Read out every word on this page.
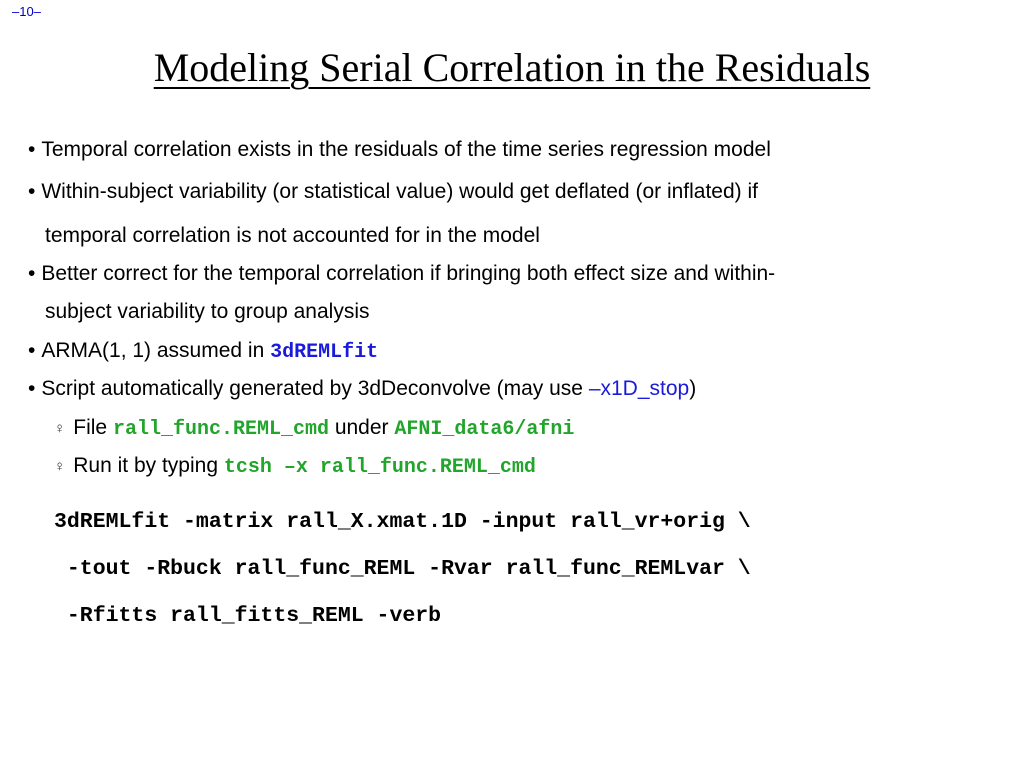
–10–
Modeling Serial Correlation in the Residuals
• Temporal correlation exists in the residuals of the time series regression model
• Within-subject variability (or statistical value) would get deflated (or inflated) if
temporal correlation is not accounted for in the model
• Better correct for the temporal correlation if bringing both effect size and within-
subject variability to group analysis
• ARMA(1, 1) assumed in 3dREMLfit
• Script automatically generated by 3dDeconvolve (may use –x1D_stop)
♀ File rall_func.REML_cmd under AFNI_data6/afni
♀ Run it by typing tcsh –x rall_func.REML_cmd
3dREMLfit -matrix rall_X.xmat.1D -input rall_vr+orig \
-tout -Rbuck rall_func_REML -Rvar rall_func_REMLvar \
-Rfitts rall_fitts_REML -verb
